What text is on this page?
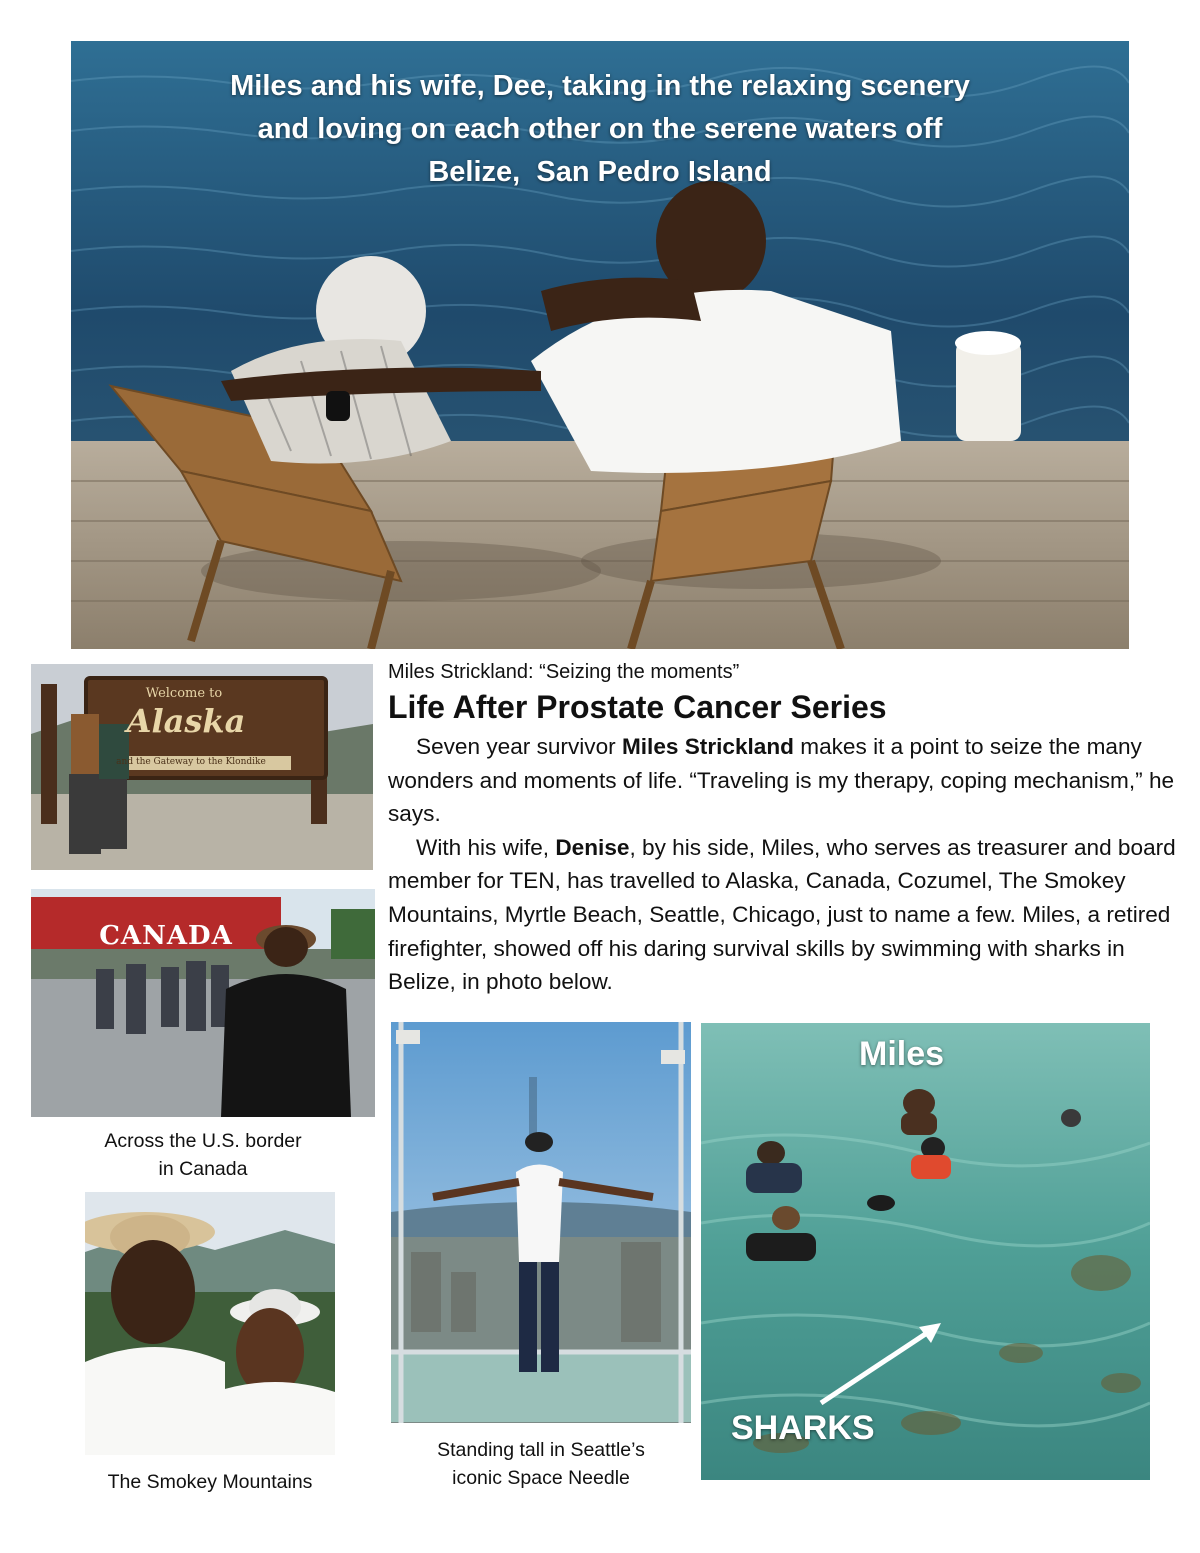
Miles and his wife, Dee, taking in the relaxing scenery
and loving on each other on the serene waters off
Belize,  San Pedro Island
Welcome to
Alaska
and the Gateway to the Klondike
Miles Strickland: “Seizing the moments”
Life After Prostate Cancer Series

Seven year survivor Miles Strickland makes it a point to seize the many wonders and moments of life. “Traveling is my therapy, coping mechanism,” he says.

With his wife, Denise, by his side, Miles, who serves as treasurer and board member for TEN, has travelled to Alaska, Canada, Cozumel, The Smokey Mountains, Myrtle Beach, Seattle, Chicago, just to name a few. Miles, a retired firefighter, showed off his daring survival skills by swimming with sharks in Belize, in photo below.

CANADA
Across the U.S. border
in Canada
The Smokey Mountains
Standing tall in Seattle’s
iconic Space Needle
Miles
SHARKS
